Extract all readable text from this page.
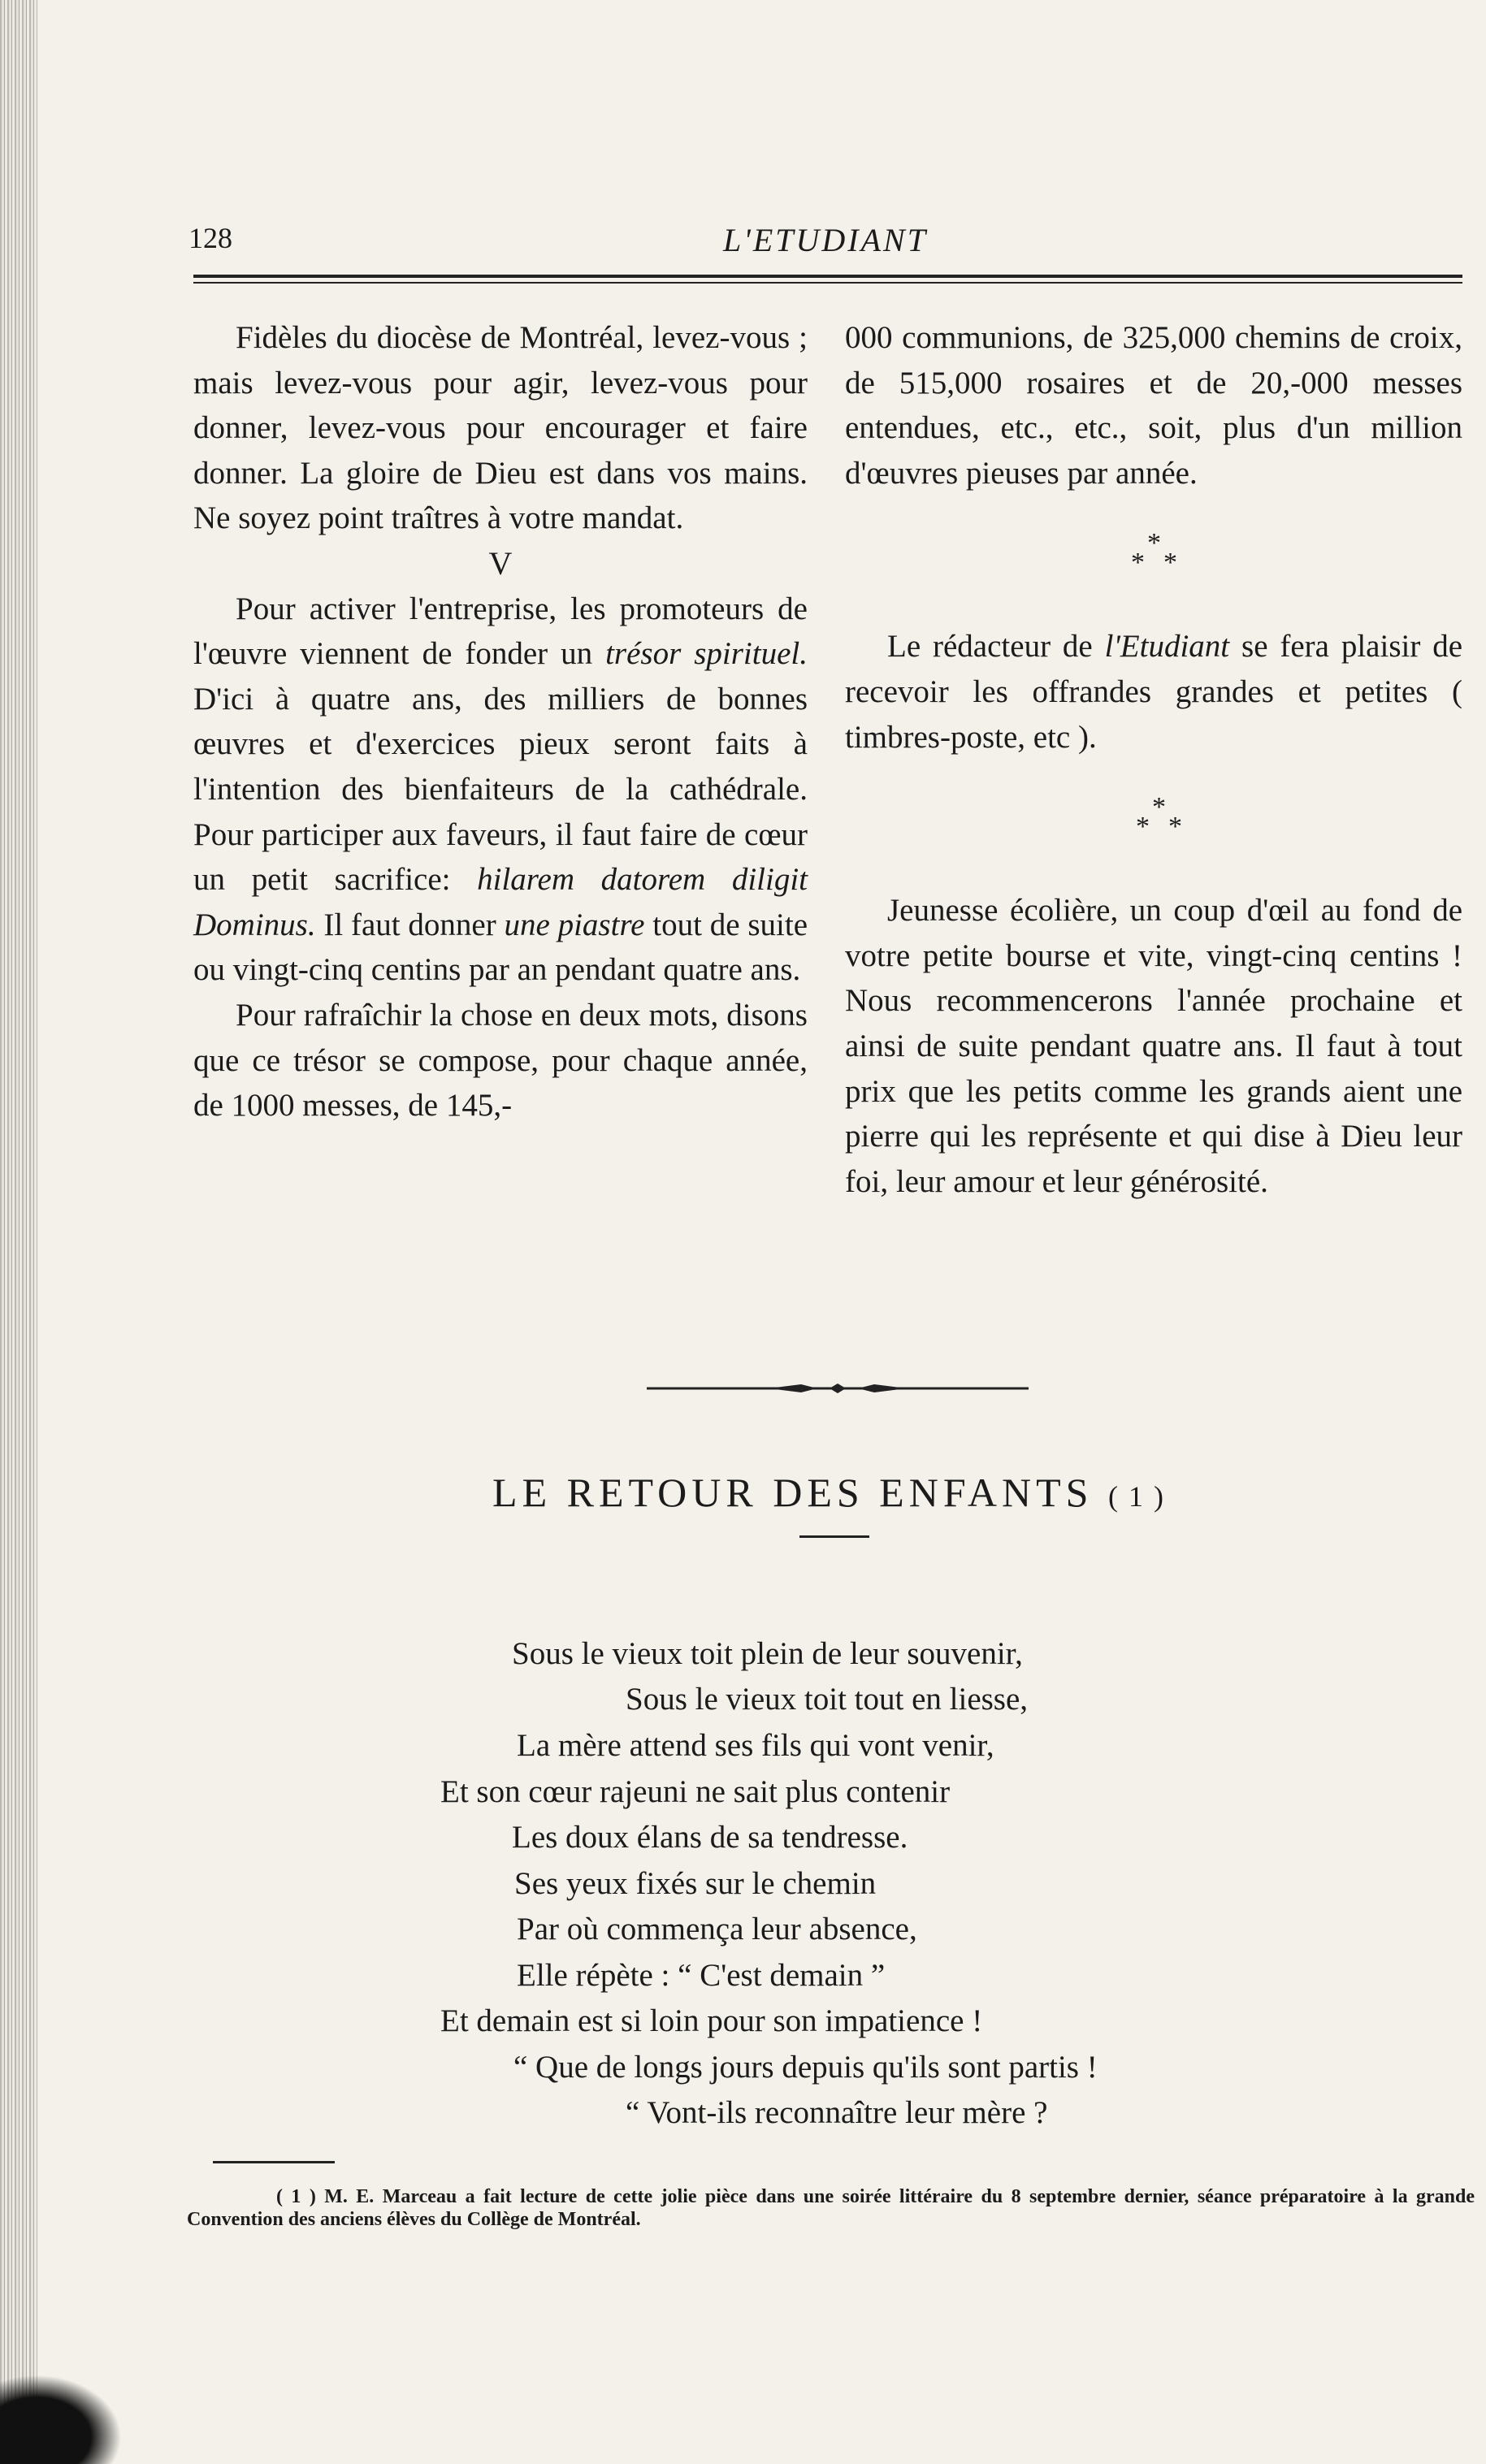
128	L'ETUDIANT

Fidèles du diocèse de Montréal, levez-vous ; mais levez-vous pour agir, levez-vous pour donner, levez-vous pour encourager et faire donner. La gloire de Dieu est dans vos mains. Ne soyez point traîtres à votre mandat.

V

Pour activer l'entreprise, les promoteurs de l'œuvre viennent de fonder un trésor spirituel. D'ici à quatre ans, des milliers de bonnes œuvres et d'exercices pieux seront faits à l'intention des bienfaiteurs de la cathédrale. Pour participer aux faveurs, il faut faire de cœur un petit sacrifice: hilarem datorem diligit Dominus. Il faut donner une piastre tout de suite ou vingt-cinq centins par an pendant quatre ans.

Pour rafraîchir la chose en deux mots, disons que ce trésor se compose, pour chaque année, de 1000 messes, de 145,-

000 communions, de 325,000 chemins de croix, de 515,000 rosaires et de 20,-000 messes entendues, etc., etc., soit, plus d'un million d'œuvres pieuses par année.

*
* *

Le rédacteur de l'Etudiant se fera plaisir de recevoir les offrandes grandes et petites ( timbres-poste, etc ).

*
* *

Jeunesse écolière, un coup d'œil au fond de votre petite bourse et vite, vingt-cinq centins ! Nous recommencerons l'année prochaine et ainsi de suite pendant quatre ans. Il faut à tout prix que les petits comme les grands aient une pierre qui les représente et qui dise à Dieu leur foi, leur amour et leur générosité.

LE RETOUR DES ENFANTS ( 1 )
Sous le vieux toit plein de leur souvenir,
Sous le vieux toit tout en liesse,
La mère attend ses fils qui vont venir,
Et son cœur rajeuni ne sait plus contenir
Les doux élans de sa tendresse.
Ses yeux fixés sur le chemin
Par où commença leur absence,
Elle répète : “ C'est demain ”
Et demain est si loin pour son impatience !
“ Que de longs jours depuis qu'ils sont partis !
“ Vont-ils reconnaître leur mère ?
( 1 ) M. E. Marceau a fait lecture de cette jolie pièce dans une soirée littéraire du 8 septembre dernier, séance préparatoire à la grande Convention des anciens élèves du Collège de Montréal.
